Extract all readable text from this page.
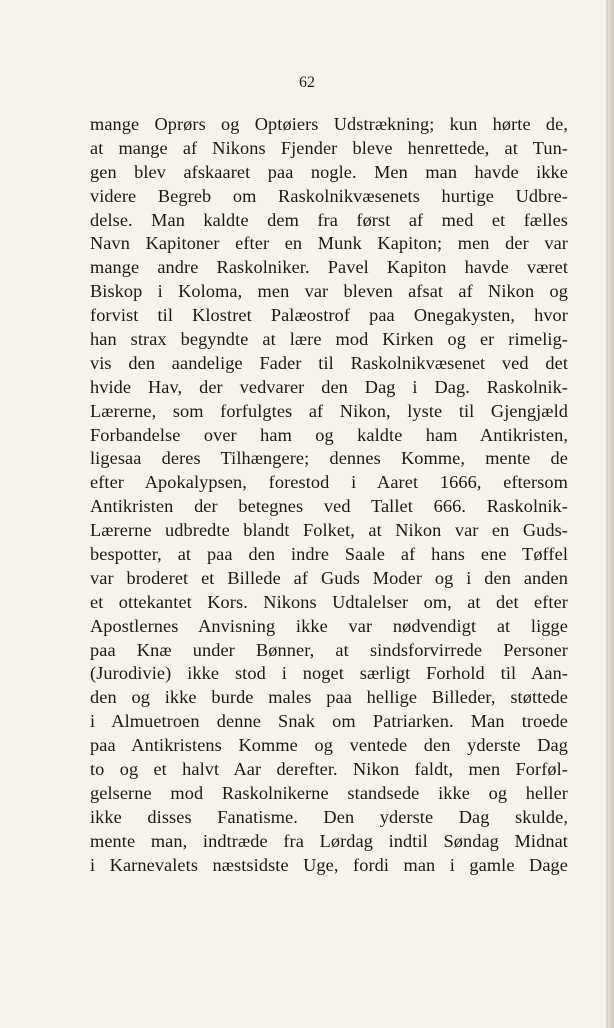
62
mange Oprørs og Optøiers Udstrækning; kun hørte de,
at mange af Nikons Fjender bleve henrettede, at Tun-
gen blev afskaaret paa nogle. Men man havde ikke
videre Begreb om Raskolnikvæsenets hurtige Udbre-
delse. Man kaldte dem fra først af med et fælles
Navn Kapitoner efter en Munk Kapiton; men der var
mange andre Raskolniker. Pavel Kapiton havde været
Biskop i Koloma, men var bleven afsat af Nikon og
forvist til Klostret Palæostrof paa Onegakysten, hvor
han strax begyndte at lære mod Kirken og er rimelig-
vis den aandelige Fader til Raskolnikvæsenet ved det
hvide Hav, der vedvarer den Dag i Dag. Raskolnik-
Lærerne, som forfulgtes af Nikon, lyste til Gjengjæld
Forbandelse over ham og kaldte ham Antikristen,
ligesaa deres Tilhængere; dennes Komme, mente de
efter Apokalypsen, forestod i Aaret 1666, eftersom
Antikristen der betegnes ved Tallet 666. Raskolnik-
Lærerne udbredte blandt Folket, at Nikon var en Guds-
bespotter, at paa den indre Saale af hans ene Tøffel
var broderet et Billede af Guds Moder og i den anden
et ottekantet Kors. Nikons Udtalelser om, at det efter
Apostlernes Anvisning ikke var nødvendigt at ligge
paa Knæ under Bønner, at sindsforvirrede Personer
(Jurodivie) ikke stod i noget særligt Forhold til Aan-
den og ikke burde males paa hellige Billeder, støttede
i Almuetroen denne Snak om Patriarken. Man troede
paa Antikristens Komme og ventede den yderste Dag
to og et halvt Aar derefter. Nikon faldt, men Forføl-
gelserne mod Raskolnikerne standsede ikke og heller
ikke disses Fanatisme. Den yderste Dag skulde,
mente man, indtræde fra Lørdag indtil Søndag Midnat
i Karnevalets næstsidste Uge, fordi man i gamle Dage
